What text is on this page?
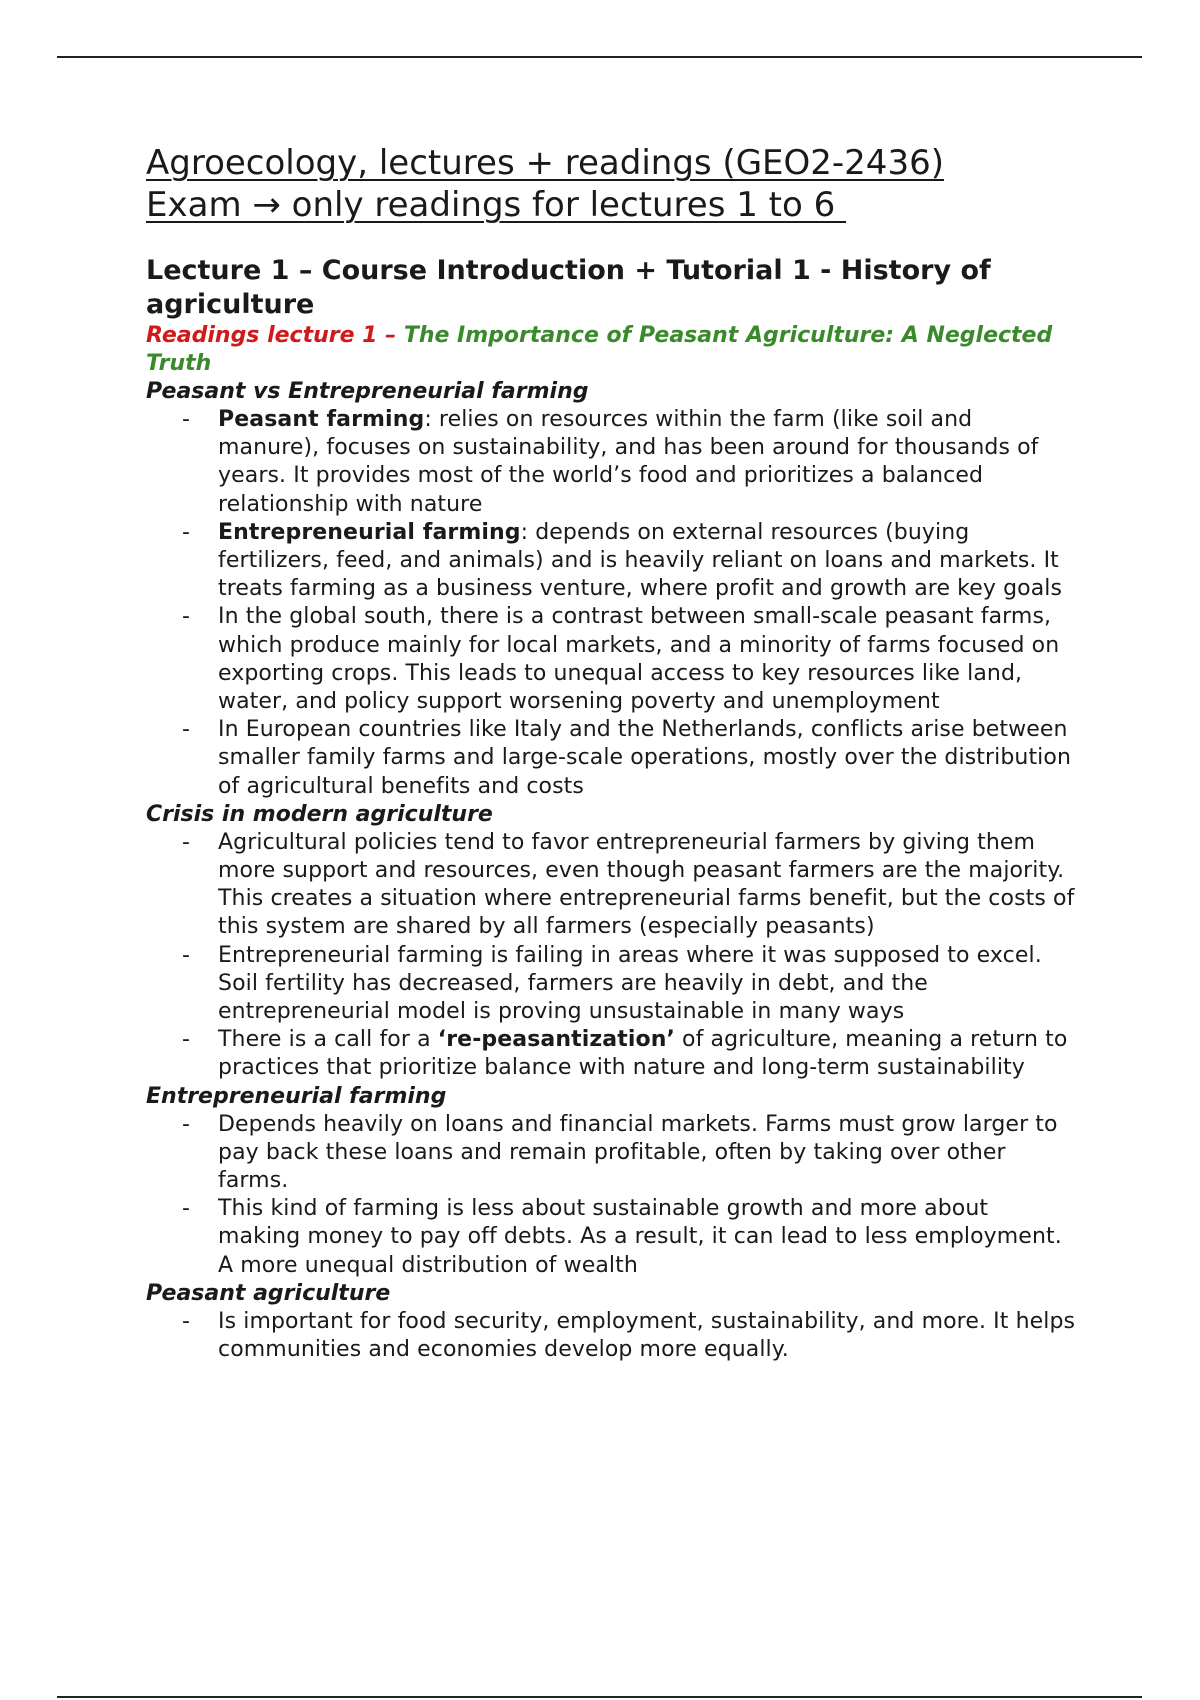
Agroecology, lectures + readings (GEO2-2436)
Exam → only readings for lectures 1 to 6
Lecture 1 – Course Introduction + Tutorial 1 - History of agriculture

Readings lecture 1 – The Importance of Peasant Agriculture: A Neglected Truth

Peasant vs Entrepreneurial farming

- Peasant farming: relies on resources within the farm (like soil and manure), focuses on sustainability, and has been around for thousands of years. It provides most of the world’s food and prioritizes a balanced relationship with nature
- Entrepreneurial farming: depends on external resources (buying fertilizers, feed, and animals) and is heavily reliant on loans and markets. It treats farming as a business venture, where profit and growth are key goals
- In the global south, there is a contrast between small-scale peasant farms, which produce mainly for local markets, and a minority of farms focused on exporting crops. This leads to unequal access to key resources like land, water, and policy support worsening poverty and unemployment
- In European countries like Italy and the Netherlands, conflicts arise between smaller family farms and large-scale operations, mostly over the distribution of agricultural benefits and costs

Crisis in modern agriculture

- Agricultural policies tend to favor entrepreneurial farmers by giving them more support and resources, even though peasant farmers are the majority. This creates a situation where entrepreneurial farms benefit, but the costs of this system are shared by all farmers (especially peasants)
- Entrepreneurial farming is failing in areas where it was supposed to excel. Soil fertility has decreased, farmers are heavily in debt, and the entrepreneurial model is proving unsustainable in many ways
- There is a call for a ‘re-peasantization’ of agriculture, meaning a return to practices that prioritize balance with nature and long-term sustainability

Entrepreneurial farming

- Depends heavily on loans and financial markets. Farms must grow larger to pay back these loans and remain profitable, often by taking over other farms.
- This kind of farming is less about sustainable growth and more about making money to pay off debts. As a result, it can lead to less employment. A more unequal distribution of wealth

Peasant agriculture

- Is important for food security, employment, sustainability, and more. It helps communities and economies develop more equally.
